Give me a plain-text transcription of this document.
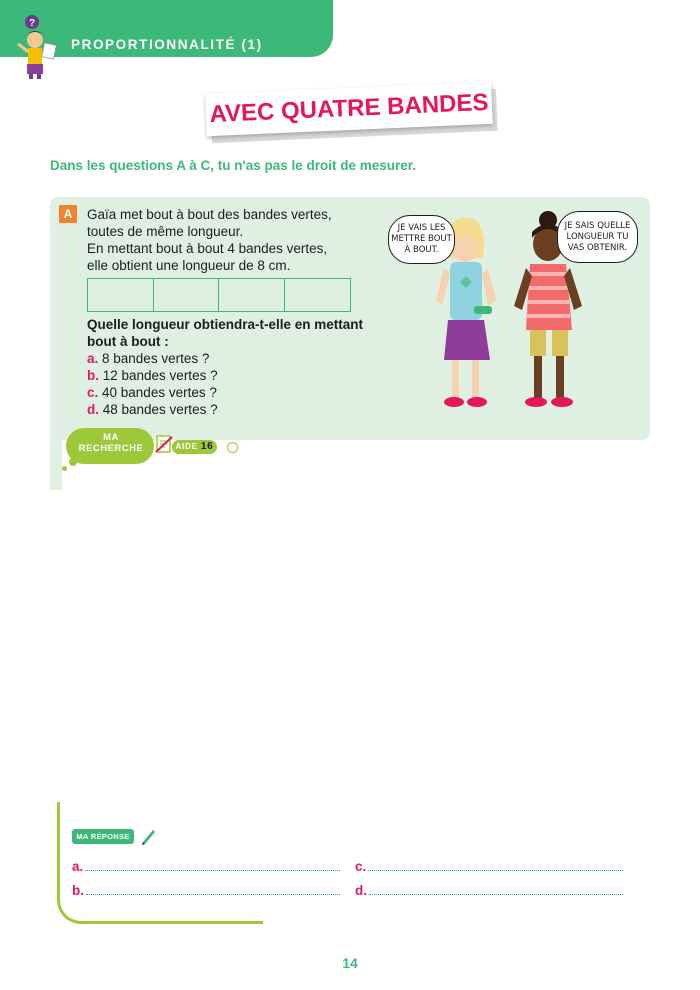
?
PROPORTIONNALITÉ (1)
AVEC QUATRE BANDES
Dans les questions A à C, tu n'as pas le droit de mesurer.
A	Gaïa met bout à bout des bandes vertes,
toutes de même longueur.
En mettant bout à bout 4 bandes vertes,
elle obtient une longueur de 8 cm.
Quelle longueur obtiendra-t-elle en mettant bout à bout :
a. 8 bandes vertes ?
b. 12 bandes vertes ?
c. 40 bandes vertes ?
d. 48 bandes vertes ?
JE VAIS LES METTRE BOUT À BOUT.
JE SAIS QUELLE LONGUEUR TU VAS OBTENIR.
MA RECHERCHE	AIDE 16
MA RÉPONSE
a.
b.
c.
d.
14
